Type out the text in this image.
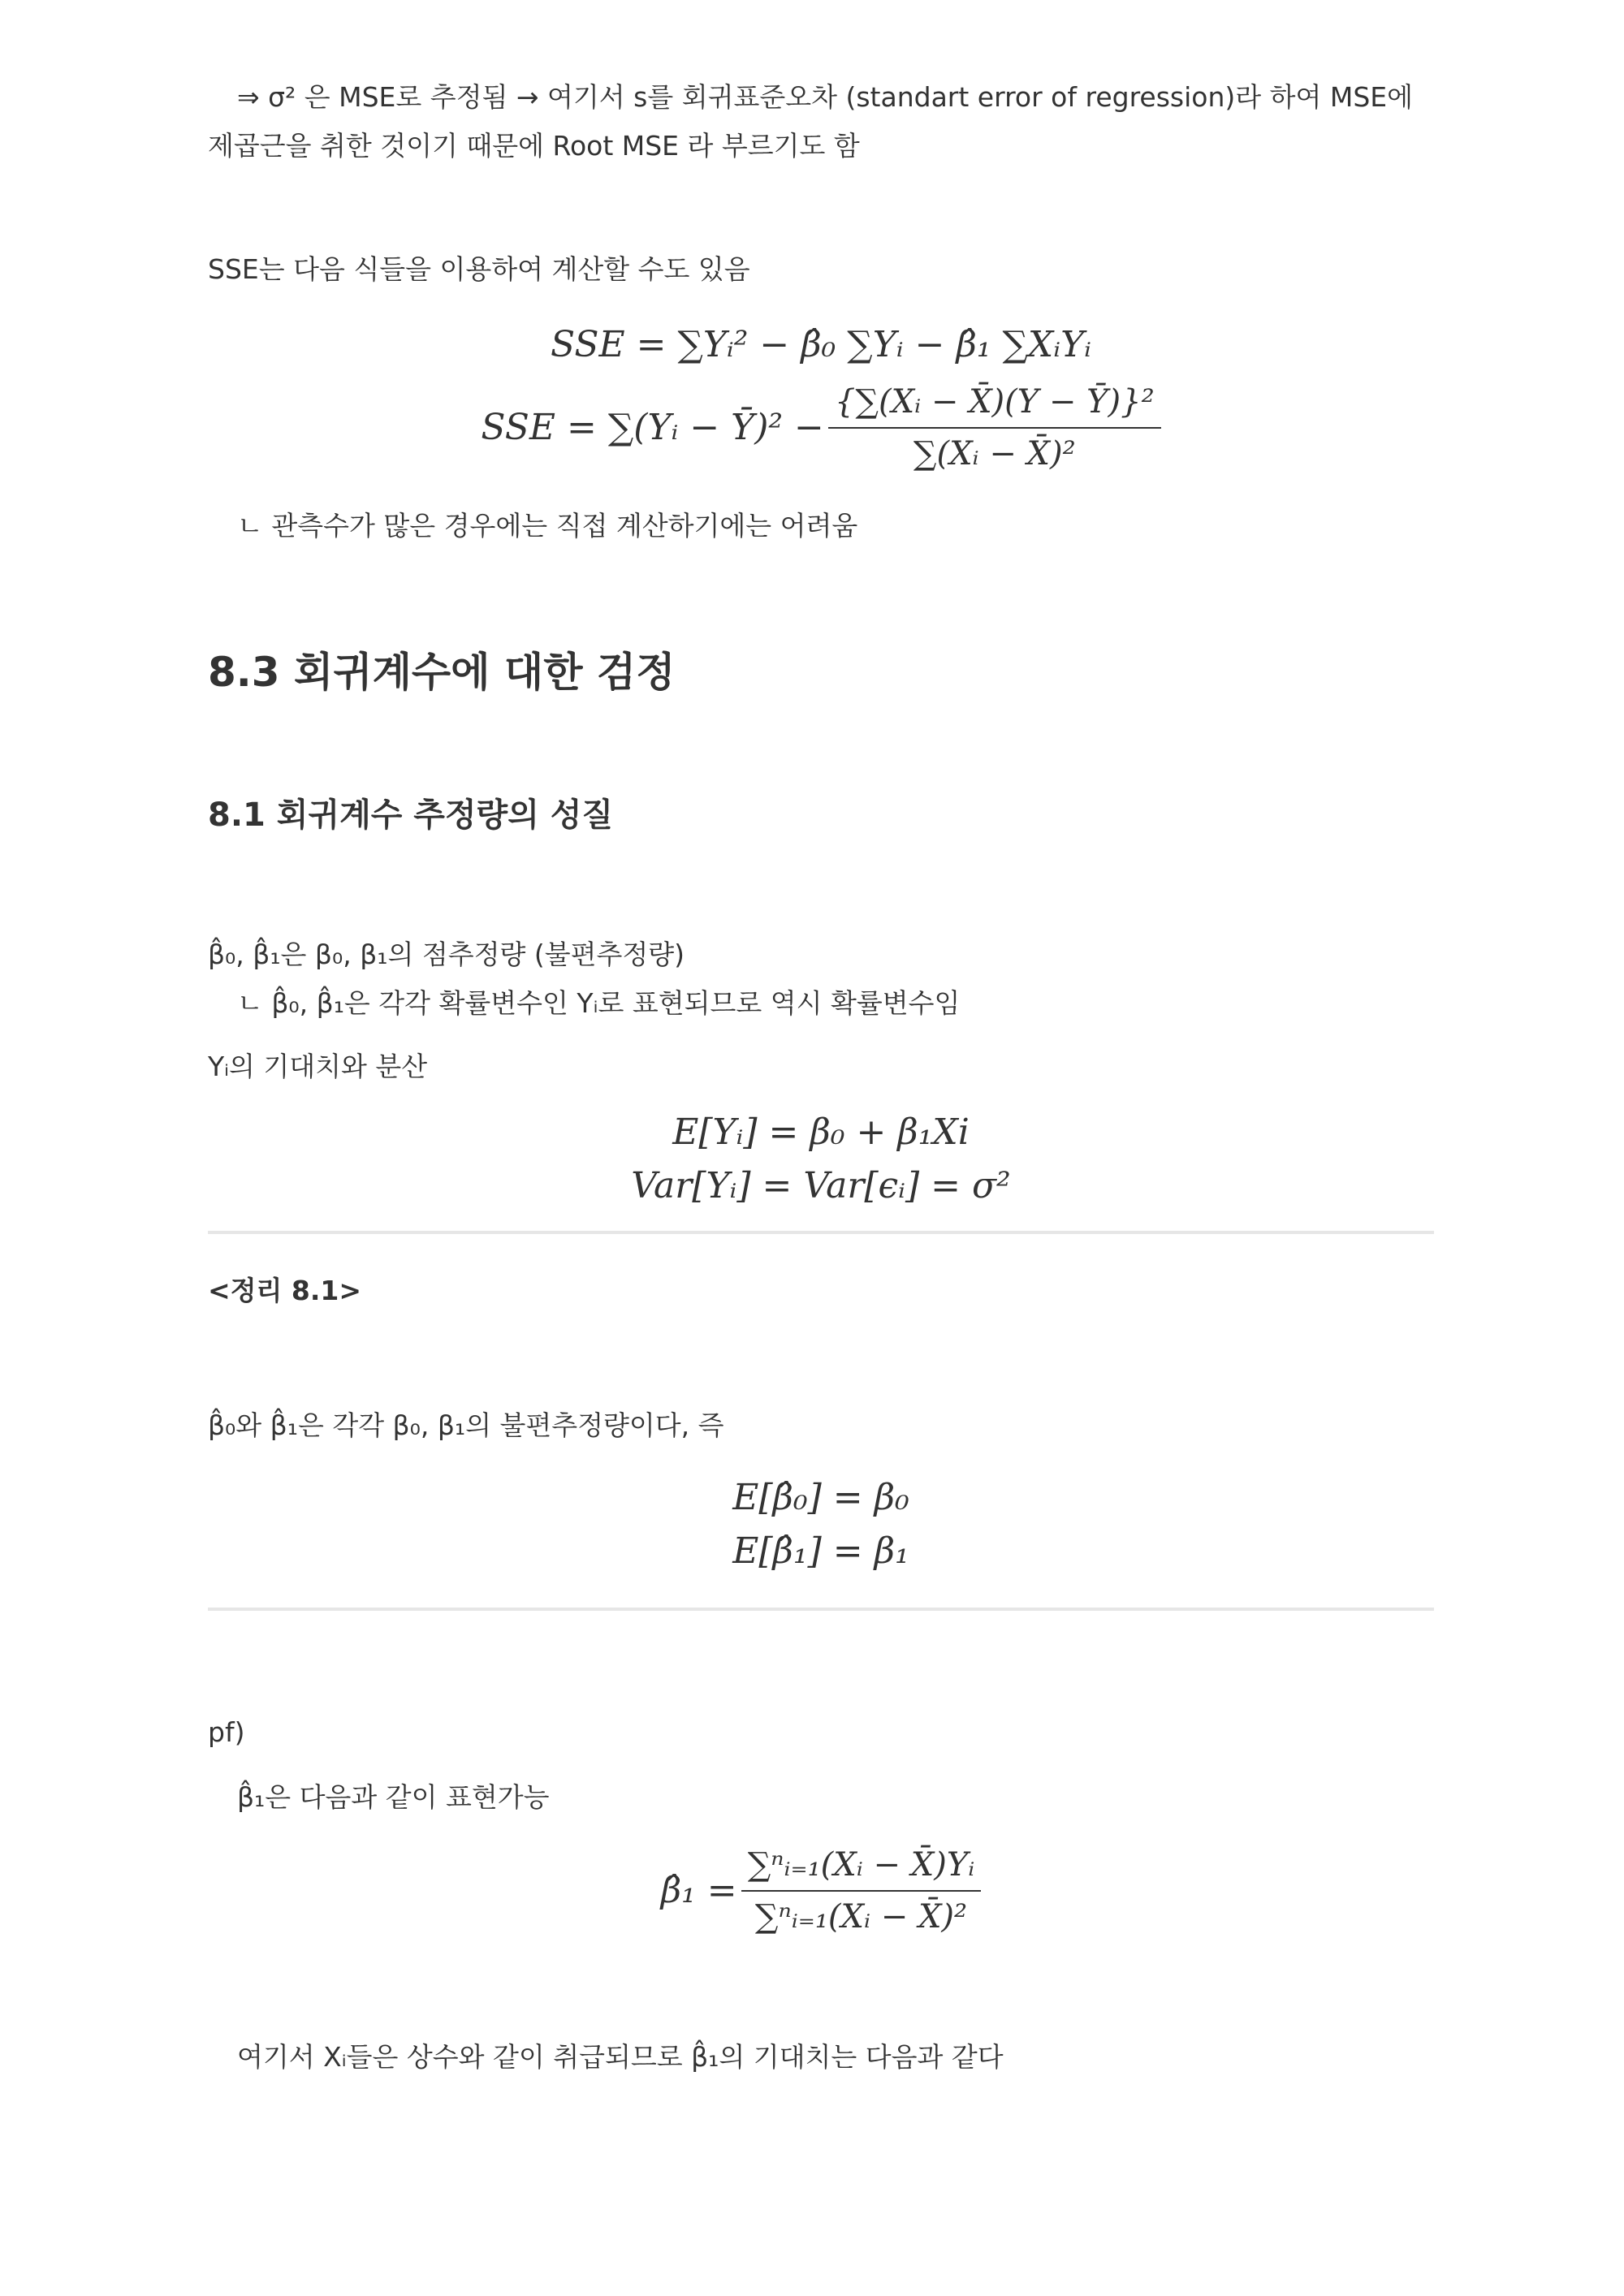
⇒ σ² 은 MSE로 추정됨 → 여기서 s를 회귀표준오차 (standart error of regression)라 하여 MSE에

제곱근을 취한 것이기 때문에 Root MSE 라 부르기도 함

SSE는 다음 식들을 이용하여 계산할 수도 있음

SSE = ∑Yᵢ² − β̂₀ ∑Yᵢ − β̂₁ ∑XᵢYᵢ
SSE = ∑(Yᵢ − Ȳ)² − $\frac{\text{\{∑(Xᵢ − X̄)(Y − Ȳ)\}²}}{\text{∑(Xᵢ − X̄)²}}$

ㄴ 관측수가 많은 경우에는 직접 계산하기에는 어려움

8.3 회귀계수에 대한 검정
8.1 회귀계수 추정량의 성질

β̂₀, β̂₁은 β₀, β₁의 점추정량 (불편추정량)

ㄴ β̂₀, β̂₁은 각각 확률변수인 Yᵢ로 표현되므로 역시 확률변수임

Yᵢ의 기대치와 분산

E[Yᵢ] = β₀ + β₁Xi
Var[Yᵢ] = Var[ϵᵢ] = σ²

<정리 8.1>

β̂₀와 β̂₁은 각각 β₀, β₁의 불편추정량이다, 즉

E[β̂₀] = β₀
E[β̂₁] = β₁

pf)

β̂₁은 다음과 같이 표현가능

β̂₁ = $\frac{\text{∑ⁿᵢ₌₁(Xᵢ − X̄)Yᵢ}}{\text{∑ⁿᵢ₌₁(Xᵢ − X̄)²}}$

여기서 Xᵢ들은 상수와 같이 취급되므로 β̂₁의 기대치는 다음과 같다
